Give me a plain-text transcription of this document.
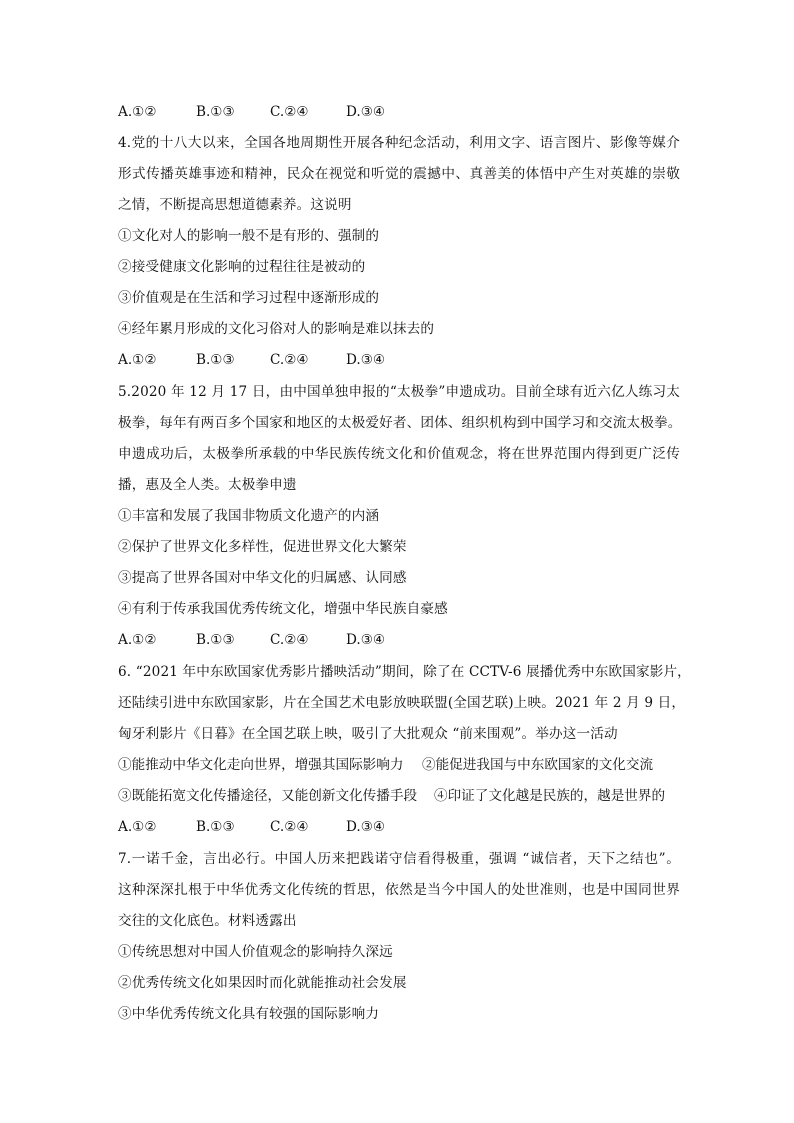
A.①②	B.①③	C.②④	D.③④
4.党的十八大以来，全国各地周期性开展各种纪念活动，利用文字、语言图片、影像等媒介
形式传播英雄事迹和精神，民众在视觉和听觉的震撼中、真善美的体悟中产生对英雄的崇敬
之情，不断提高思想道德素养。这说明
①文化对人的影响一般不是有形的、强制的
②接受健康文化影响的过程往往是被动的
③价值观是在生活和学习过程中逐渐形成的
④经年累月形成的文化习俗对人的影响是难以抹去的
A.①②	B.①③	C.②④	D.③④
5.2020 年 12 月 17 日，由中国单独申报的“太极拳”申遗成功。目前全球有近六亿人练习太
极拳，每年有两百多个国家和地区的太极爱好者、团体、组织机构到中国学习和交流太极拳。
申遗成功后，太极拳所承载的中华民族传统文化和价值观念，将在世界范围内得到更广泛传
播，惠及全人类。太极拳申遗
①丰富和发展了我国非物质文化遗产的内涵
②保护了世界文化多样性，促进世界文化大繁荣
③提高了世界各国对中华文化的归属感、认同感
④有利于传承我国优秀传统文化，增强中华民族自豪感
A.①②	B.①③	C.②④	D.③④
6. “2021 年中东欧国家优秀影片播映活动”期间，除了在 CCTV-6 展播优秀中东欧国家影片，
还陆续引进中东欧国家影，片在全国艺术电影放映联盟(全国艺联)上映。2021 年 2 月 9 日，
匈牙利影片《日暮》在全国艺联上映，吸引了大批观众 “前来围观”。举办这一活动
①能推动中华文化走向世界，增强其国际影响力 ②能促进我国与中东欧国家的文化交流
③既能拓宽文化传播途径，又能创新文化传播手段 ④印证了文化越是民族的，越是世界的
A.①②	B.①③	C.②④	D.③④
7.一诺千金，言出必行。中国人历来把践诺守信看得极重，强调 “诚信者，天下之结也”。
这种深深扎根于中华优秀文化传统的哲思，依然是当今中国人的处世准则，也是中国同世界
交往的文化底色。材料透露出
①传统思想对中国人价值观念的影响持久深远
②优秀传统文化如果因时而化就能推动社会发展
③中华优秀传统文化具有较强的国际影响力
